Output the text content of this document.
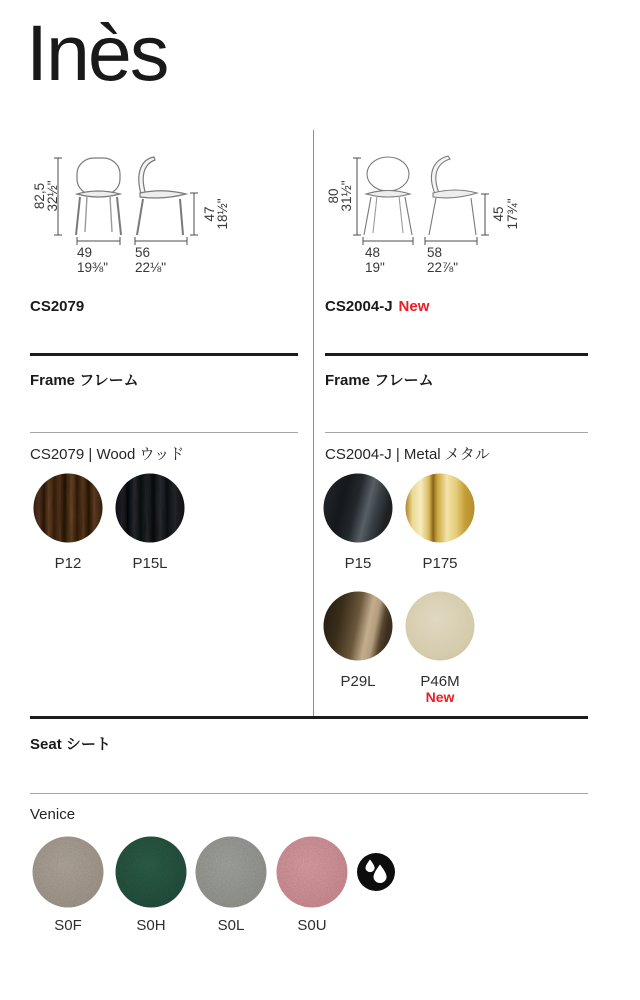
Inès
82,5
32½"
49
19⅜"
56
22⅛"
47
18½"
80
31½"
48
19"
58
22⅞"
45 17¾"
CS2079	CS2004-J New
Frame フレーム	Frame フレーム
CS2079 | Wood ウッド	CS2004-J | Metal メタル
P12	P15L	P15	P175
P29L	P46M
New
Seat シート
Venice
S0F	S0H	S0L	S0U
